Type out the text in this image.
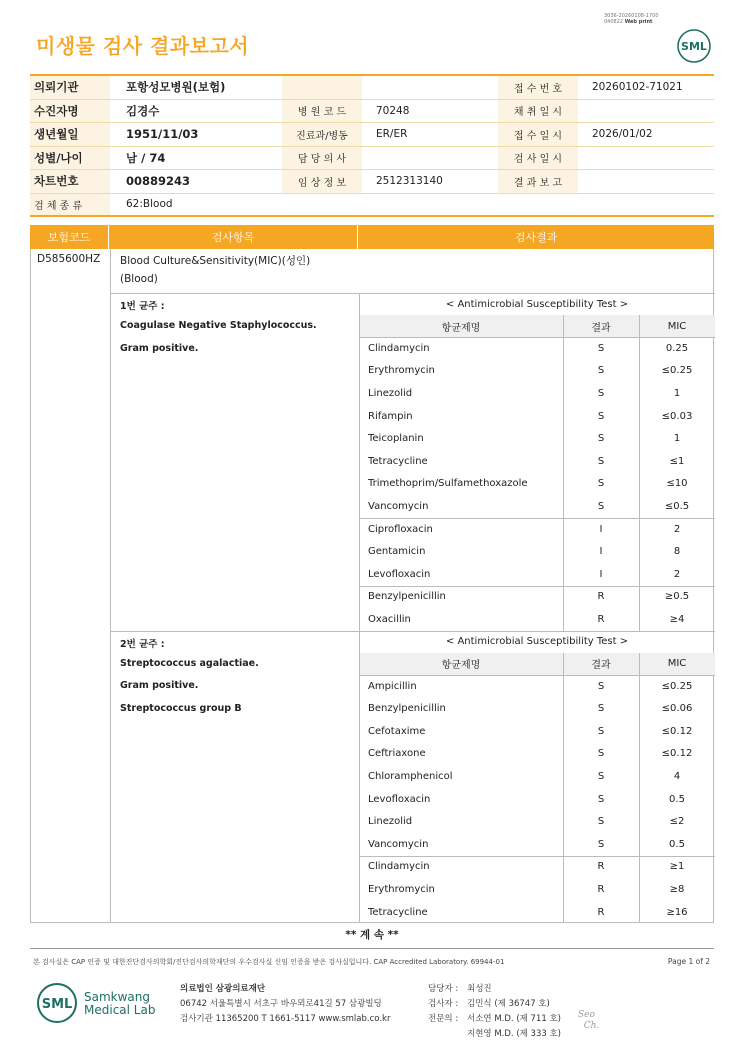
3036-20260108-1700
040822 Web print
미생물 검사 결과보고서	SML
의뢰기관	포항성모병원(보험)	접 수 번 호	20260102-71021
수진자명	김경수	병 원 코 드	70248	채 취 일 시
생년월일	1951/11/03	진료과/병동	ER/ER	접 수 일 시	2026/01/02
성별/나이	남 / 74	담 당 의 사	검 사 일 시
차트번호	00889243	임 상 정 보	2512313140	결 과 보 고
검 체 종 류	62:Blood
보험코드	검사항목	검사결과
D585600HZ Blood Culture&Sensitivity(MIC)(성인)
(Blood)
1번 균주 :
Coagulase Negative Staphylococcus.
Gram positive.
< Antimicrobial Susceptibility Test >
항균제명	결과	MIC
Clindamycin	S	0.25
Erythromycin	S	≤0.25
Linezolid	S	1
Rifampin	S	≤0.03
Teicoplanin	S	1
Tetracycline	S	≤1
Trimethoprim/Sulfamethoxazole	S	≤10
Vancomycin	S	≤0.5
Ciprofloxacin	I	2
Gentamicin	I	8
Levofloxacin	I	2
Benzylpenicillin	R	≥0.5
Oxacillin	R	≥4
2번 균주 :
Streptococcus agalactiae.
Gram positive.
Streptococcus group B
< Antimicrobial Susceptibility Test >
항균제명	결과	MIC
Ampicillin	S	≤0.25
Benzylpenicillin	S	≤0.06
Cefotaxime	S	≤0.12
Ceftriaxone	S	≤0.12
Chloramphenicol	S	4
Levofloxacin	S	0.5
Linezolid	S	≤2
Vancomycin	S	0.5
Clindamycin	R	≥1
Erythromycin	R	≥8
Tetracycline	R	≥16
** 계 속 **
본 검사실은 CAP 인증 및 대한진단검사의학회/진단검사의학재단의 우수검사실 신임 인증을 받은 검사실입니다. CAP Accredited Laboratory. 69944-01	Page 1 of 2
SML Samkwang
Medical Lab
의료법인 삼광의료재단
06742 서울특별시 서초구 바우뫼로41길 57 삼광빌딩
검사기관 11365200 T 1661-5117 www.smlab.co.kr
담당자 : 최성진
검사자 : 김민식 (제 36747 호)
전문의 : 서소연 M.D. (제 711 호)
지현영 M.D. (제 333 호)
Seo
Ch.
